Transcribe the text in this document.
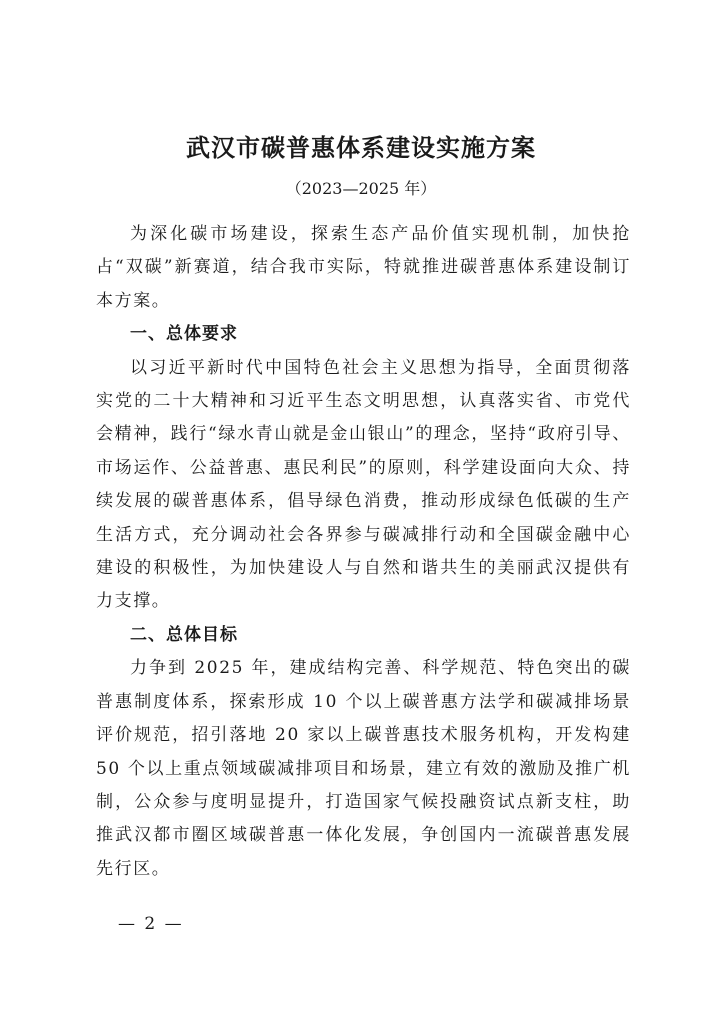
武汉市碳普惠体系建设实施方案
（2023—2025 年）

为深化碳市场建设，探索生态产品价值实现机制，加快抢占“双碳”新赛道，结合我市实际，特就推进碳普惠体系建设制订本方案。

一、总体要求

以习近平新时代中国特色社会主义思想为指导，全面贯彻落实党的二十大精神和习近平生态文明思想，认真落实省、市党代会精神，践行“绿水青山就是金山银山”的理念，坚持“政府引导、市场运作、公益普惠、惠民利民”的原则，科学建设面向大众、持续发展的碳普惠体系，倡导绿色消费，推动形成绿色低碳的生产生活方式，充分调动社会各界参与碳减排行动和全国碳金融中心建设的积极性，为加快建设人与自然和谐共生的美丽武汉提供有力支撑。

二、总体目标

力争到 2025 年，建成结构完善、科学规范、特色突出的碳普惠制度体系，探索形成 10 个以上碳普惠方法学和碳减排场景评价规范，招引落地 20 家以上碳普惠技术服务机构，开发构建 50 个以上重点领域碳减排项目和场景，建立有效的激励及推广机制，公众参与度明显提升，打造国家气候投融资试点新支柱，助推武汉都市圈区域碳普惠一体化发展，争创国内一流碳普惠发展先行区。

— 2 —
